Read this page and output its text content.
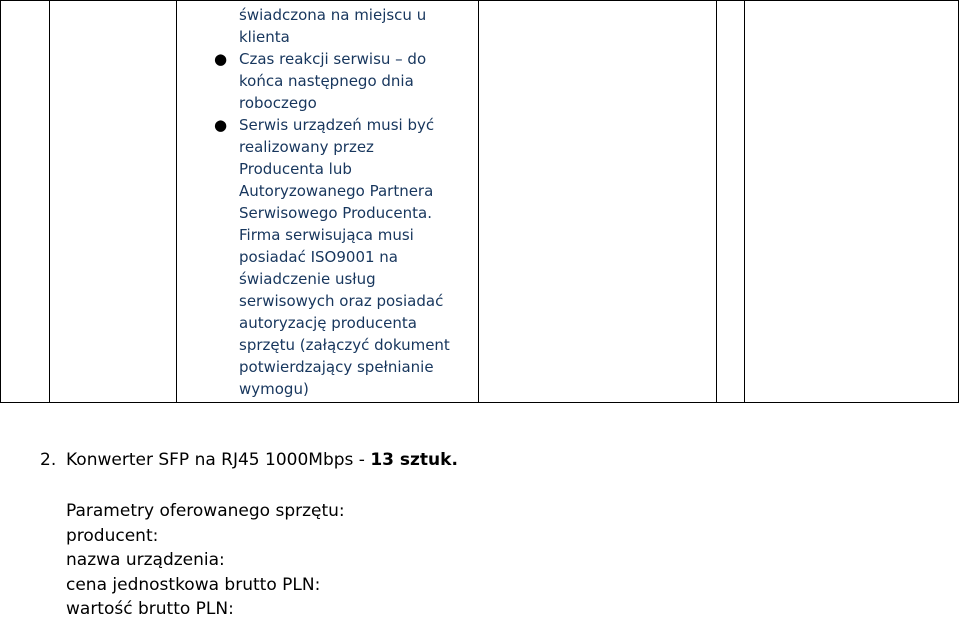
świadczona na miejscu u
klienta
● Czas reakcji serwisu – do
końca następnego dnia
roboczego
● Serwis urządzeń musi być
realizowany przez
Producenta lub
Autoryzowanego Partnera
Serwisowego Producenta.
Firma serwisująca musi
posiadać ISO9001 na
świadczenie usług
serwisowych oraz posiadać
autoryzację producenta
sprzętu (załączyć dokument
potwierdzający spełnianie
wymogu)

2. Konwerter SFP na RJ45 1000Mbps - 13 sztuk.
Parametry oferowanego sprzętu:
producent:
nazwa urządzenia:
cena jednostkowa brutto PLN:
wartość brutto PLN:
